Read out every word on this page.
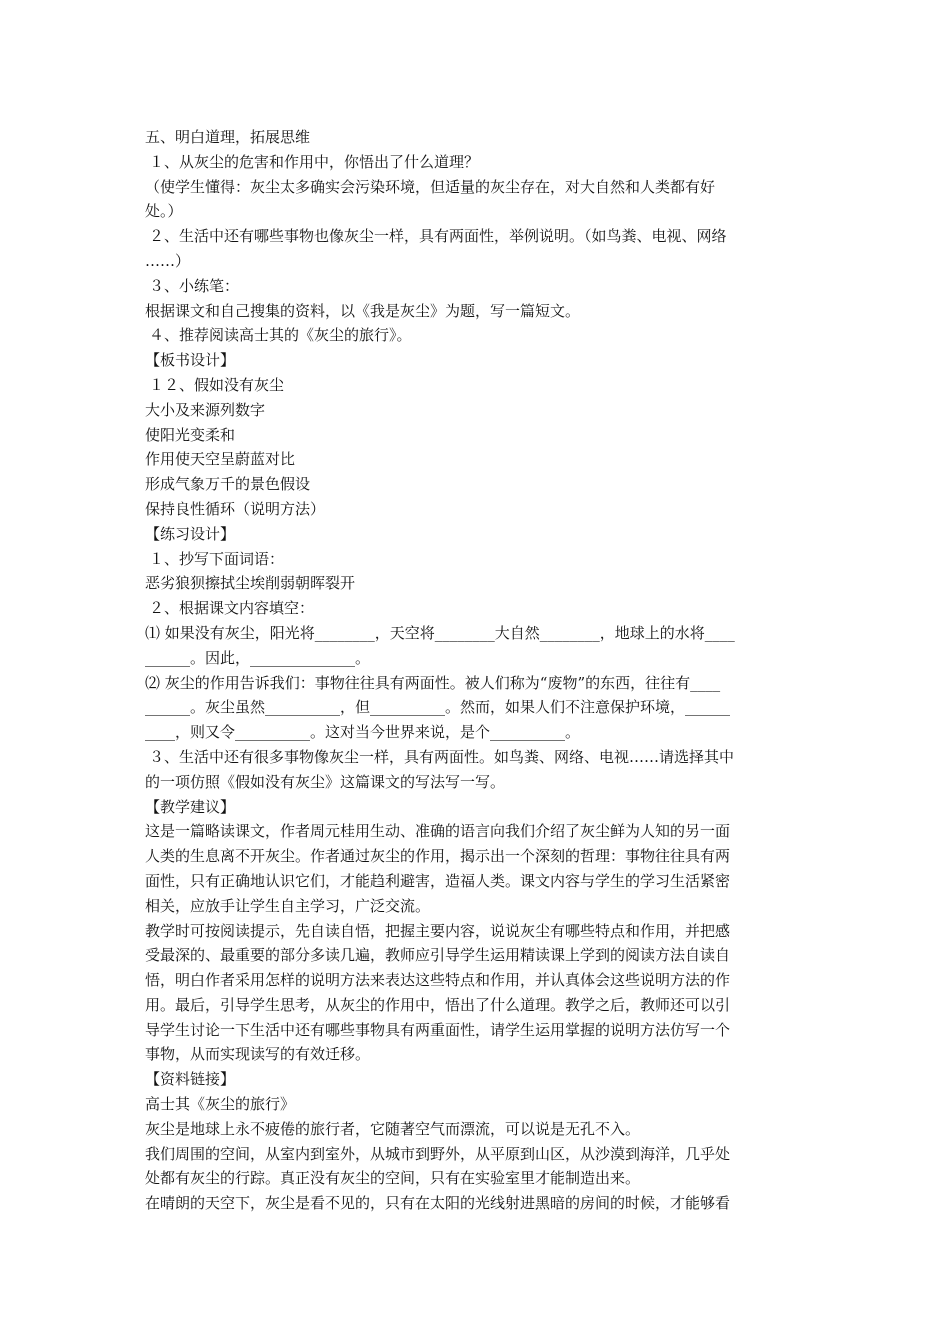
五、明白道理，拓展思维
１、从灰尘的危害和作用中，你悟出了什么道理？
（使学生懂得：灰尘太多确实会污染环境，但适量的灰尘存在，对大自然和人类都有好
处。）
２、生活中还有哪些事物也像灰尘一样，具有两面性，举例说明。（如鸟粪、电视、网络
……）
３、小练笔：
根据课文和自己搜集的资料，以《我是灰尘》为题，写一篇短文。
４、推荐阅读高士其的《灰尘的旅行》。
【板书设计】
１２、假如没有灰尘
大小及来源列数字
使阳光变柔和
作用使天空呈蔚蓝对比
形成气象万千的景色假设
保持良性循环（说明方法）
【练习设计】
１、抄写下面词语：
恶劣狼狈擦拭尘埃削弱朝晖裂开
２、根据课文内容填空：
⑴ 如果没有灰尘，阳光将________，天空将________大自然________，地球上的水将____
______。因此，______________。
⑵ 灰尘的作用告诉我们：事物往往具有两面性。被人们称为“废物”的东西，往往有____
______。灰尘虽然__________，但__________。然而，如果人们不注意保护环境，______
____，则又令__________。这对当今世界来说，是个__________。
３、生活中还有很多事物像灰尘一样，具有两面性。如鸟粪、网络、电视……请选择其中
的一项仿照《假如没有灰尘》这篇课文的写法写一写。
【教学建议】
这是一篇略读课文，作者周元桂用生动、准确的语言向我们介绍了灰尘鲜为人知的另一面
人类的生息离不开灰尘。作者通过灰尘的作用，揭示出一个深刻的哲理：事物往往具有两
面性，只有正确地认识它们，才能趋利避害，造福人类。课文内容与学生的学习生活紧密
相关，应放手让学生自主学习，广泛交流。
教学时可按阅读提示，先自读自悟，把握主要内容，说说灰尘有哪些特点和作用，并把感
受最深的、最重要的部分多读几遍，教师应引导学生运用精读课上学到的阅读方法自读自
悟，明白作者采用怎样的说明方法来表达这些特点和作用，并认真体会这些说明方法的作
用。最后，引导学生思考，从灰尘的作用中，悟出了什么道理。教学之后，教师还可以引
导学生讨论一下生活中还有哪些事物具有两重面性，请学生运用掌握的说明方法仿写一个
事物，从而实现读写的有效迁移。
【资料链接】
高士其《灰尘的旅行》
灰尘是地球上永不疲倦的旅行者，它随著空气而漂流，可以说是无孔不入。
我们周围的空间，从室内到室外，从城市到野外，从平原到山区，从沙漠到海洋，几乎处
处都有灰尘的行踪。真正没有灰尘的空间，只有在实验室里才能制造出来。
在晴朗的天空下，灰尘是看不见的，只有在太阳的光线射进黑暗的房间的时候，才能够看
